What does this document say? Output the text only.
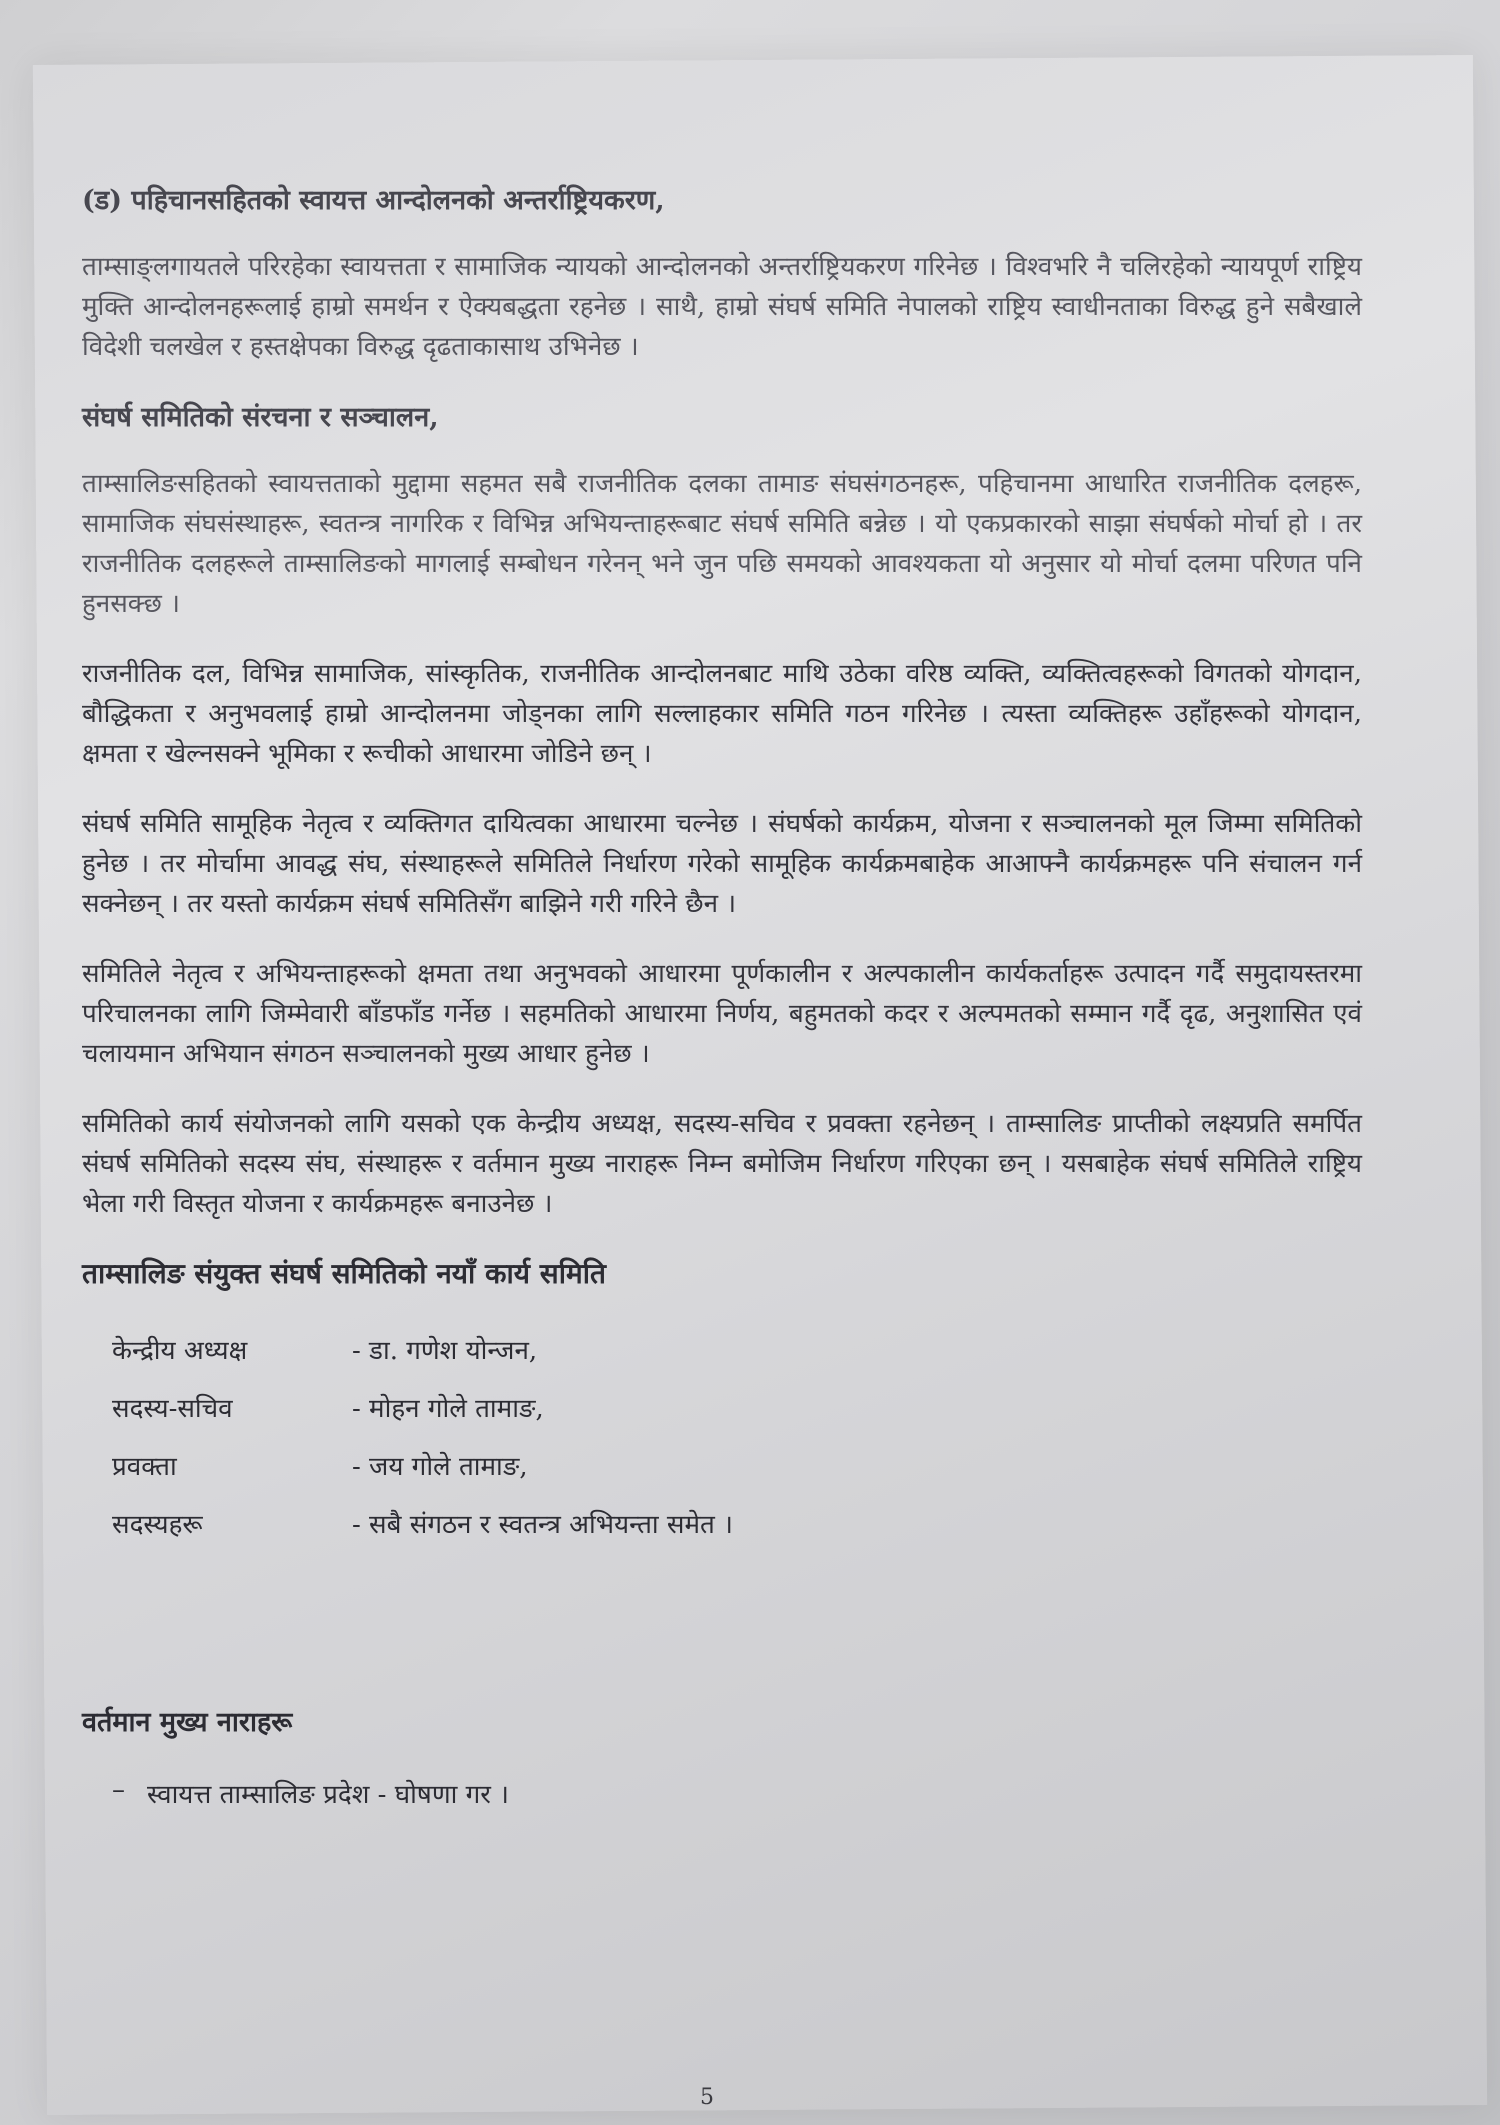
(ड) पहिचानसहितको स्वायत्त आन्दोलनको अन्तर्राष्ट्रियकरण,

ताम्साङ्लगायतले परिरहेका स्वायत्तता र सामाजिक न्यायको आन्दोलनको अन्तर्राष्ट्रियकरण गरिनेछ । विश्वभरि नै चलिरहेको न्यायपूर्ण राष्ट्रिय मुक्ति आन्दोलनहरूलाई हाम्रो समर्थन र ऐक्यबद्धता रहनेछ । साथै, हाम्रो संघर्ष समिति नेपालको राष्ट्रिय स्वाधीनताका विरुद्ध हुने सबैखाले विदेशी चलखेल र हस्तक्षेपका विरुद्ध दृढताकासाथ उभिनेछ ।

संघर्ष समितिको संरचना र सञ्चालन,

ताम्सालिङसहितको स्वायत्तताको मुद्दामा सहमत सबै राजनीतिक दलका तामाङ संघसंगठनहरू, पहिचानमा आधारित राजनीतिक दलहरू, सामाजिक संघसंस्थाहरू, स्वतन्त्र नागरिक र विभिन्न अभियन्ताहरूबाट संघर्ष समिति बन्नेछ । यो एकप्रकारको साझा संघर्षको मोर्चा हो । तर राजनीतिक दलहरूले ताम्सालिङको मागलाई सम्बोधन गरेनन् भने जुन पछि समयको आवश्यकता यो अनुसार यो मोर्चा दलमा परिणत पनि हुनसक्छ ।

राजनीतिक दल, विभिन्न सामाजिक, सांस्कृतिक, राजनीतिक आन्दोलनबाट माथि उठेका वरिष्ठ व्यक्ति, व्यक्तित्वहरूको विगतको योगदान, बौद्धिकता र अनुभवलाई हाम्रो आन्दोलनमा जोड्नका लागि सल्लाहकार समिति गठन गरिनेछ । त्यस्ता व्यक्तिहरू उहाँहरूको योगदान, क्षमता र खेल्नसक्ने भूमिका र रूचीको आधारमा जोडिने छन् ।

संघर्ष समिति सामूहिक नेतृत्व र व्यक्तिगत दायित्वका आधारमा चल्नेछ । संघर्षको कार्यक्रम, योजना र सञ्चालनको मूल जिम्मा समितिको हुनेछ । तर मोर्चामा आवद्ध संघ, संस्थाहरूले समितिले निर्धारण गरेको सामूहिक कार्यक्रमबाहेक आआफ्नै कार्यक्रमहरू पनि संचालन गर्न सक्नेछन् । तर यस्तो कार्यक्रम संघर्ष समितिसँग बाझिने गरी गरिने छैन ।

समितिले नेतृत्व र अभियन्ताहरूको क्षमता तथा अनुभवको आधारमा पूर्णकालीन र अल्पकालीन कार्यकर्ताहरू उत्पादन गर्दै समुदायस्तरमा परिचालनका लागि जिम्मेवारी बाँडफाँड गर्नेछ । सहमतिको आधारमा निर्णय, बहुमतको कदर र अल्पमतको सम्मान गर्दै दृढ, अनुशासित एवं चलायमान अभियान संगठन सञ्चालनको मुख्य आधार हुनेछ ।

समितिको कार्य संयोजनको लागि यसको एक केन्द्रीय अध्यक्ष, सदस्य-सचिव र प्रवक्ता रहनेछन् । ताम्सालिङ प्राप्तीको लक्ष्यप्रति समर्पित संघर्ष समितिको सदस्य संघ, संस्थाहरू र वर्तमान मुख्य नाराहरू निम्न बमोजिम निर्धारण गरिएका छन् । यसबाहेक संघर्ष समितिले राष्ट्रिय भेला गरी विस्तृत योजना र कार्यक्रमहरू बनाउनेछ ।

ताम्सालिङ संयुक्त संघर्ष समितिको नयाँ कार्य समिति
केन्द्रीय अध्यक्ष	- डा. गणेश योन्जन,
सदस्य-सचिव	- मोहन गोले तामाङ,
प्रवक्ता	- जय गोले तामाङ,
सदस्यहरू	- सबै संगठन र स्वतन्त्र अभियन्ता समेत ।
वर्तमान मुख्य नाराहरू
– स्वायत्त ताम्सालिङ प्रदेश - घोषणा गर ।
5
